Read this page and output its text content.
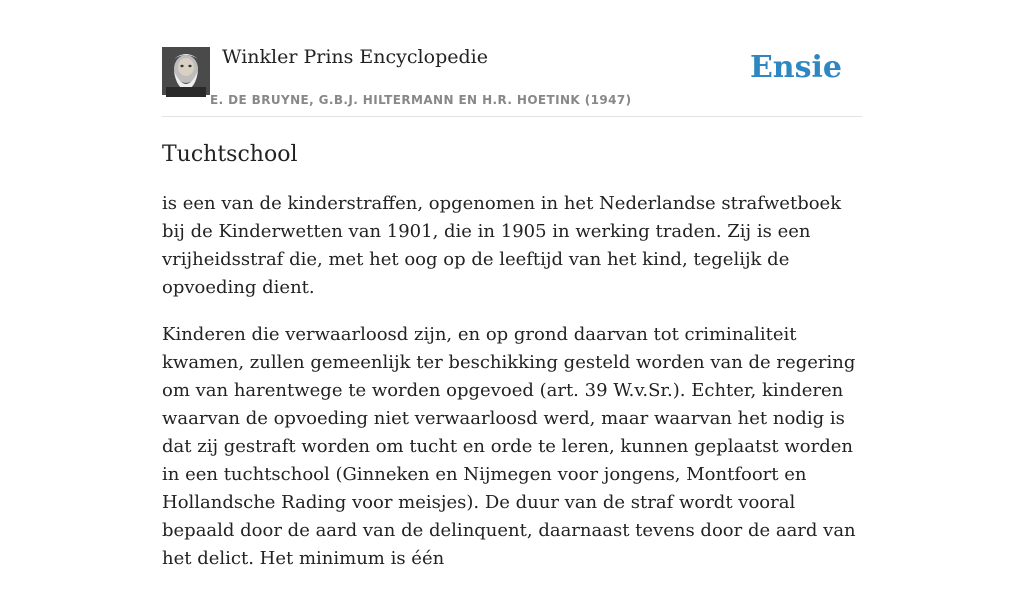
Winkler Prins Encyclopedie
E. DE BRUYNE, G.B.J. HILTERMANN EN H.R. HOETINK (1947)
Ensie
Tuchtschool

is een van de kinderstraffen, opgenomen in het Nederlandse strafwetboek bij de Kinderwetten van 1901, die in 1905 in werking traden. Zij is een vrijheidsstraf die, met het oog op de leeftijd van het kind, tegelijk de opvoeding dient.

Kinderen die verwaarloosd zijn, en op grond daarvan tot criminaliteit kwamen, zullen gemeenlijk ter beschikking gesteld worden van de regering om van harentwege te worden opgevoed (art. 39 W.v.Sr.). Echter, kinderen waarvan de opvoeding niet verwaarloosd werd, maar waarvan het nodig is dat zij gestraft worden om tucht en orde te leren, kunnen geplaatst worden in een tuchtschool (Ginneken en Nijmegen voor jongens, Montfoort en Hollandsche Rading voor meisjes). De duur van de straf wordt vooral bepaald door de aard van de delinquent, daarnaast tevens door de aard van het delict. Het minimum is één
